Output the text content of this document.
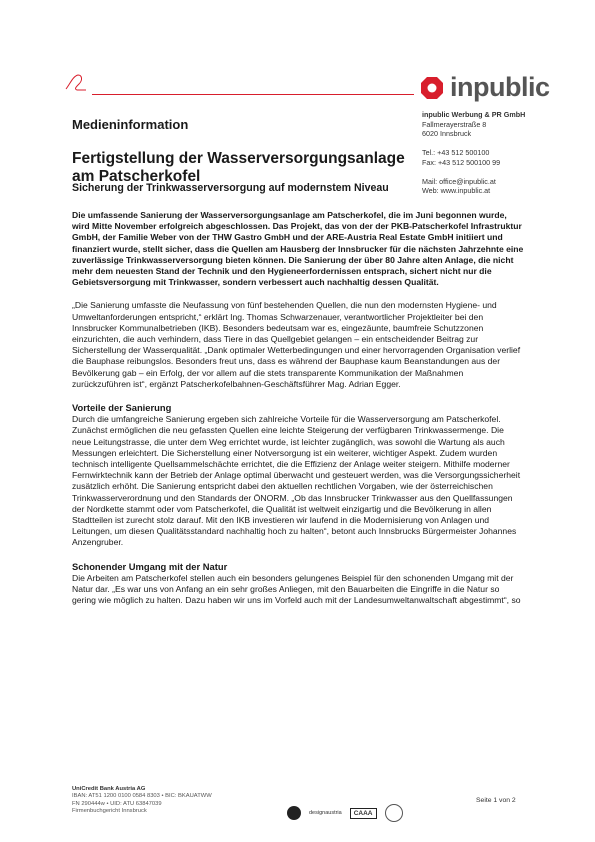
inpublic
inpublic Werbung & PR GmbH
Fallmerayerstraße 8
6020 Innsbruck

Tel.: +43 512 500100
Fax: +43 512 500100 99

Mail: office@inpublic.at
Web: www.inpublic.at
Medieninformation
Fertigstellung der Wasserversorgungsanlage
am Patscherkofel
Sicherung der Trinkwasserversorgung auf modernstem Niveau

Die umfassende Sanierung der Wasserversorgungsanlage am Patscherkofel, die im Juni begonnen wurde, wird Mitte November erfolgreich abgeschlossen. Das Projekt, das von der der PKB-Patscherkofel Infrastruktur GmbH, der Familie Weber von der THW Gastro GmbH und der ARE-Austria Real Estate GmbH initiiert und finanziert wurde, stellt sicher, dass die Quellen am Hausberg der Innsbrucker für die nächsten Jahrzehnte eine zuverlässige Trinkwasserversorgung bieten können. Die Sanierung der über 80 Jahre alten Anlage, die nicht mehr dem neuesten Stand der Technik und den Hygieneerfordernissen entsprach, sichert nicht nur die Gebietsversorgung mit Trinkwasser, sondern verbessert auch nachhaltig dessen Qualität.

„Die Sanierung umfasste die Neufassung von fünf bestehenden Quellen, die nun den modernsten Hygiene- und Umweltanforderungen entspricht,“ erklärt Ing. Thomas Schwarzenauer, verantwortlicher Projektleiter bei den Innsbrucker Kommunalbetrieben (IKB). Besonders bedeutsam war es, eingezäunte, baumfreie Schutzzonen einzurichten, die auch verhindern, dass Tiere in das Quellgebiet gelangen – ein entscheidender Beitrag zur Sicherstellung der Wasserqualität. „Dank optimaler Wetterbedingungen und einer hervorragenden Organisation verlief die Bauphase reibungslos. Besonders freut uns, dass es während der Bauphase kaum Beanstandungen aus der Bevölkerung gab – ein Erfolg, der vor allem auf die stets transparente Kommunikation der Maßnahmen zurückzuführen ist“, ergänzt Patscherkofelbahnen-Geschäftsführer Mag. Adrian Egger.

Vorteile der Sanierung

Durch die umfangreiche Sanierung ergeben sich zahlreiche Vorteile für die Wasserversorgung am Patscherkofel. Zunächst ermöglichen die neu gefassten Quellen eine leichte Steigerung der verfügbaren Trinkwassermenge. Die neue Leitungstrasse, die unter dem Weg errichtet wurde, ist leichter zugänglich, was sowohl die Wartung als auch Messungen erleichtert. Die Sicherstellung einer Notversorgung ist ein weiterer, wichtiger Aspekt. Zudem wurden technisch intelligente Quellsammelschächte errichtet, die die Effizienz der Anlage weiter steigern. Mithilfe moderner Fernwirktechnik kann der Betrieb der Anlage optimal überwacht und gesteuert werden, was die Versorgungssicherheit zusätzlich erhöht. Die Sanierung entspricht dabei den aktuellen rechtlichen Vorgaben, wie der österreichischen Trinkwasserverordnung und den Standards der ÖNORM. „Ob das Innsbrucker Trinkwasser aus den Quellfassungen der Nordkette stammt oder vom Patscherkofel, die Qualität ist weltweit einzigartig und die Bevölkerung in allen Stadtteilen ist zurecht stolz darauf. Mit den IKB investieren wir laufend in die Modernisierung von Anlagen und Leitungen, um diesen Qualitätsstandard nachhaltig hoch zu halten“, betont auch Innsbrucks Bürgermeister Johannes Anzengruber.

Schonender Umgang mit der Natur

Die Arbeiten am Patscherkofel stellen auch ein besonders gelungenes Beispiel für den schonenden Umgang mit der Natur dar. „Es war uns von Anfang an ein sehr großes Anliegen, mit den Bauarbeiten die Eingriffe in die Natur so gering wie möglich zu halten. Dazu haben wir uns im Vorfeld auch mit der Landesumweltanwaltschaft abgestimmt“, so

UniCredit Bank Austria AG
IBAN: AT51 1200 0100 0584 8303 • BIC: BKAUATWW
FN 290444w • UID: ATU 63847039
Firmenbuchgericht Innsbruck	designaustria	CAAA
Seite 1 von 2
